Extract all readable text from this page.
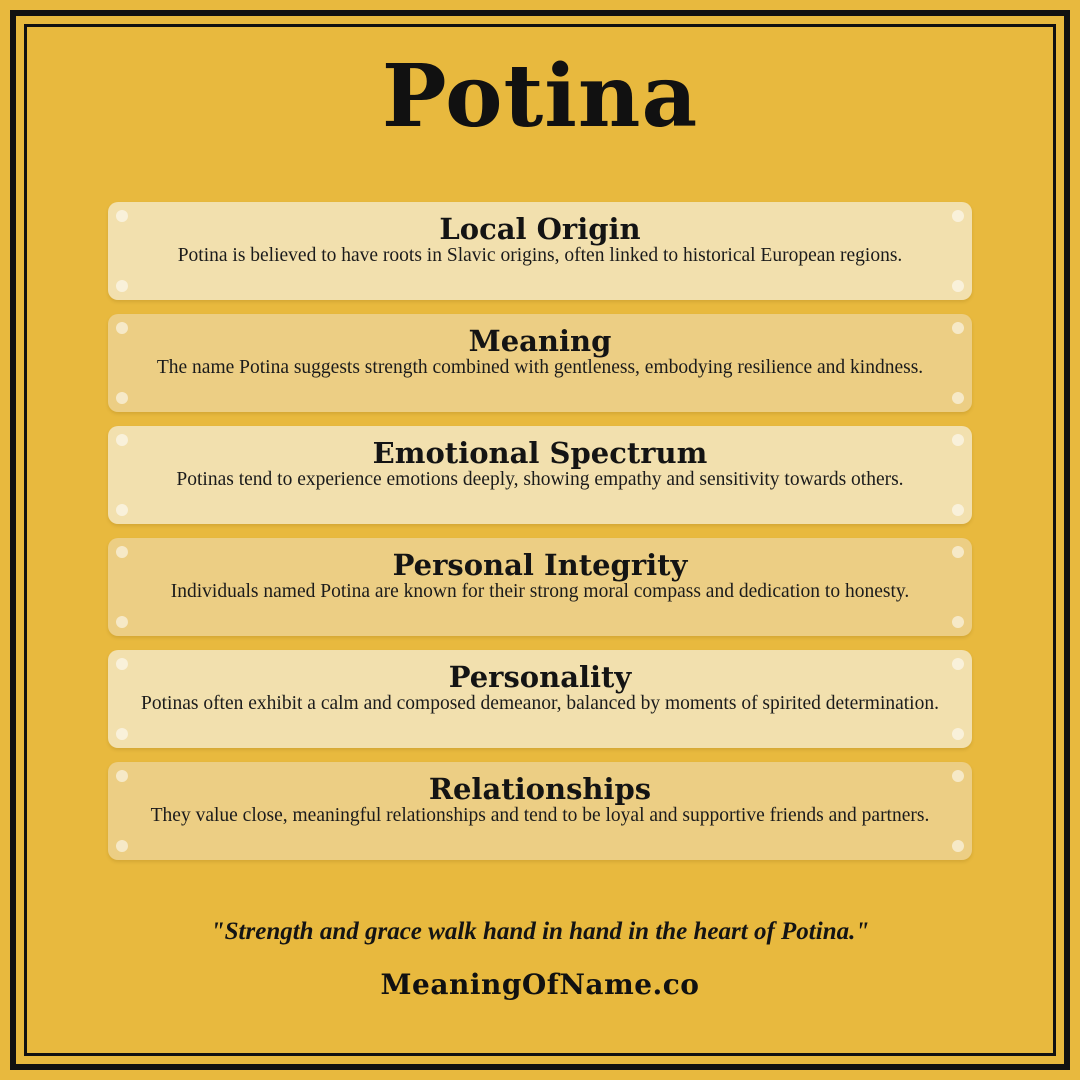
Potina
Local Origin
Potina is believed to have roots in Slavic origins, often linked to historical European regions.
Meaning
The name Potina suggests strength combined with gentleness, embodying resilience and kindness.
Emotional Spectrum
Potinas tend to experience emotions deeply, showing empathy and sensitivity towards others.
Personal Integrity
Individuals named Potina are known for their strong moral compass and dedication to honesty.
Personality
Potinas often exhibit a calm and composed demeanor, balanced by moments of spirited determination.
Relationships
They value close, meaningful relationships and tend to be loyal and supportive friends and partners.
"Strength and grace walk hand in hand in the heart of Potina."
MeaningOfName.co
